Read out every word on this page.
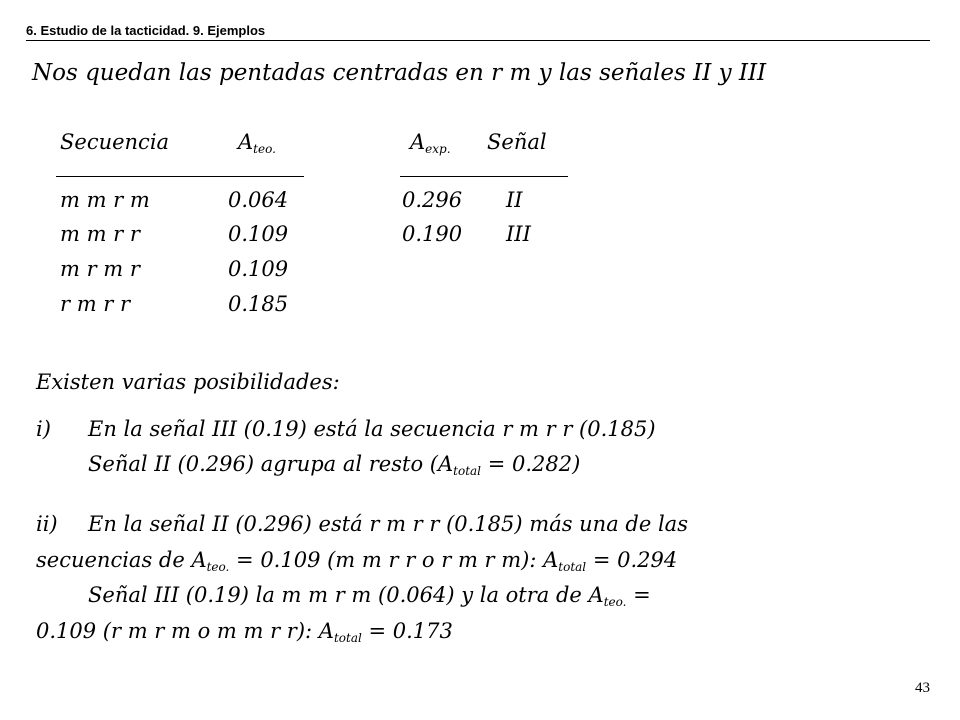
6. Estudio de la tacticidad. 9. Ejemplos
Nos quedan las pentadas centradas en r m y las señales II y III
Secuencia	$A_{teo.}$	$A_{exp.}$ Señal
m m r m	0.064	0.296 II
m m r r	0.109	0.190 III
m r m r	0.109
r m r r	0.185
Existen varias posibilidades:
i) En la señal III (0.19) está la secuencia r m r r (0.185)
Señal II (0.296) agrupa al resto $(A_{total} = 0.282)$
ii) En la señal II (0.296) está r m r r (0.185) más una de las
secuencias de $A_{teo.} = 0.109$ (m m r r o r m r m): $A_{total} = 0.294$
Señal III (0.19) la m m r m (0.064) y la otra de $A_{teo.}$ =
0.109 (r m r m o m m r r): $A_{total} = 0.173$
43
